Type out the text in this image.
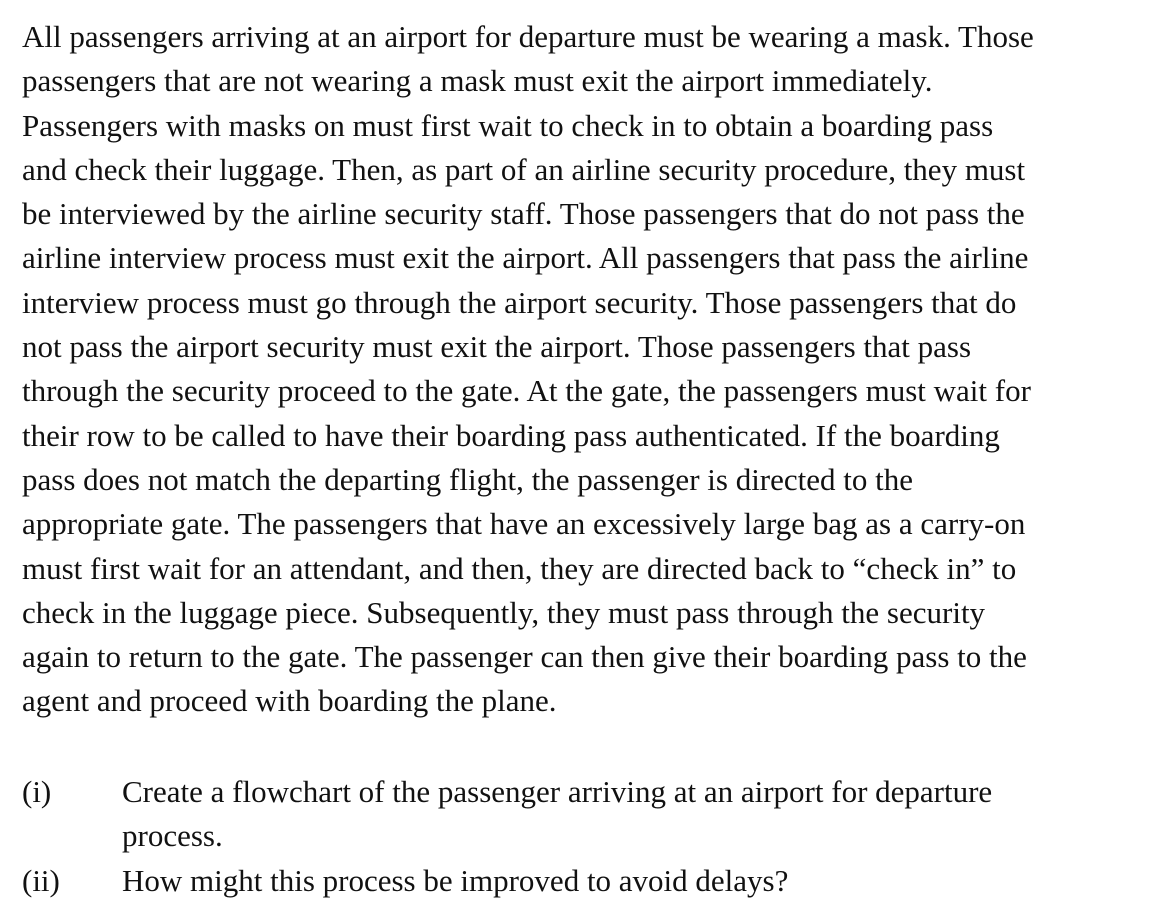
All passengers arriving at an airport for departure must be wearing a mask. Those
passengers that are not wearing a mask must exit the airport immediately.
Passengers with masks on must first wait to check in to obtain a boarding pass
and check their luggage. Then, as part of an airline security procedure, they must
be interviewed by the airline security staff. Those passengers that do not pass the
airline interview process must exit the airport. All passengers that pass the airline
interview process must go through the airport security. Those passengers that do
not pass the airport security must exit the airport. Those passengers that pass
through the security proceed to the gate. At the gate, the passengers must wait for
their row to be called to have their boarding pass authenticated. If the boarding
pass does not match the departing flight, the passenger is directed to the
appropriate gate. The passengers that have an excessively large bag as a carry-on
must first wait for an attendant, and then, they are directed back to “check in” to
check in the luggage piece. Subsequently, they must pass through the security
again to return to the gate. The passenger can then give their boarding pass to the
agent and proceed with boarding the plane.

(i)	Create a flowchart of the passenger arriving at an airport for departure
process.
(ii)	How might this process be improved to avoid delays?
